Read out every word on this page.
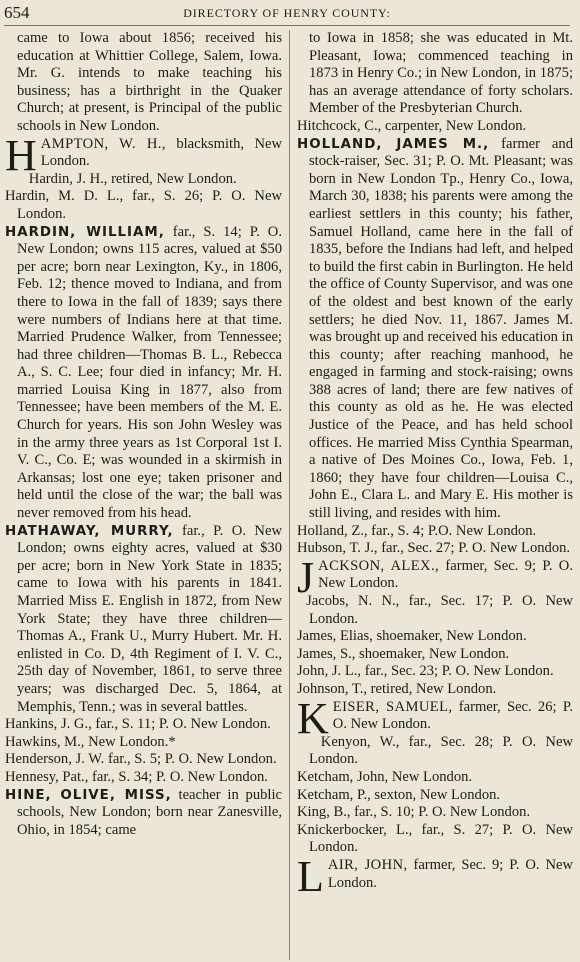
654	DIRECTORY OF HENRY COUNTY:

came to Iowa about 1856; received his education at Whittier College, Salem, Iowa. Mr. G. intends to make teaching his business; has a birthright in the Quaker Church; at present, is Principal of the public schools in New London.

HAMPTON, W. H., blacksmith, New London.

Hardin, J. H., retired, New London.

Hardin, M. D. L., far., S. 26; P. O. New London.

HARDIN, WILLIAM, far., S. 14; P. O. New London; owns 115 acres, valued at $50 per acre; born near Lexington, Ky., in 1806, Feb. 12; thence moved to Indiana, and from there to Iowa in the fall of 1839; says there were numbers of Indians here at that time. Married Prudence Walker, from Tennessee; had three children—Thomas B. L., Rebecca A., S. C. Lee; four died in infancy; Mr. H. married Louisa King in 1877, also from Tennessee; have been members of the M. E. Church for years. His son John Wesley was in the army three years as 1st Corporal 1st I. V. C., Co. E; was wounded in a skirmish in Arkansas; lost one eye; taken prisoner and held until the close of the war; the ball was never removed from his head.

HATHAWAY, MURRY, far., P. O. New London; owns eighty acres, valued at $30 per acre; born in New York State in 1835; came to Iowa with his parents in 1841. Married Miss E. English in 1872, from New York State; they have three children—Thomas A., Frank U., Murry Hubert. Mr. H. enlisted in Co. D, 4th Regiment of I. V. C., 25th day of November, 1861, to serve three years; was discharged Dec. 5, 1864, at Memphis, Tenn.; was in several battles.

Hankins, J. G., far., S. 11; P. O. New London.

Hawkins, M., New London.*

Henderson, J. W. far., S. 5; P. O. New London.

Hennesy, Pat., far., S. 34; P. O. New London.

HINE, OLIVE, MISS, teacher in public schools, New London; born near Zanesville, Ohio, in 1854; came

to Iowa in 1858; she was educated in Mt. Pleasant, Iowa; commenced teaching in 1873 in Henry Co.; in New London, in 1875; has an average attendance of forty scholars. Member of the Presbyterian Church.

Hitchcock, C., carpenter, New London.

HOLLAND, JAMES M., farmer and stock-raiser, Sec. 31; P. O. Mt. Pleasant; was born in New London Tp., Henry Co., Iowa, March 30, 1838; his parents were among the earliest settlers in this county; his father, Samuel Holland, came here in the fall of 1835, before the Indians had left, and helped to build the first cabin in Burlington. He held the office of County Supervisor, and was one of the oldest and best known of the early settlers; he died Nov. 11, 1867. James M. was brought up and received his education in this county; after reaching manhood, he engaged in farming and stock-raising; owns 388 acres of land; there are few natives of this county as old as he. He was elected Justice of the Peace, and has held school offices. He married Miss Cynthia Spearman, a native of Des Moines Co., Iowa, Feb. 1, 1860; they have four children—Louisa C., John E., Clara L. and Mary E. His mother is still living, and resides with him.

Holland, Z., far., S. 4; P.O. New London.

Hubson, T. J., far., Sec. 27; P. O. New London.

JACKSON, ALEX., farmer, Sec. 9; P. O. New London.

Jacobs, N. N., far., Sec. 17; P. O. New London.

James, Elias, shoemaker, New London.

James, S., shoemaker, New London.

John, J. L., far., Sec. 23; P. O. New London.

Johnson, T., retired, New London.

KEISER, SAMUEL, farmer, Sec. 26; P. O. New London.

Kenyon, W., far., Sec. 28; P. O. New London.

Ketcham, John, New London.

Ketcham, P., sexton, New London.

King, B., far., S. 10; P. O. New London.

Knickerbocker, L., far., S. 27; P. O. New London.

LAIR, JOHN, farmer, Sec. 9; P. O. New London.
